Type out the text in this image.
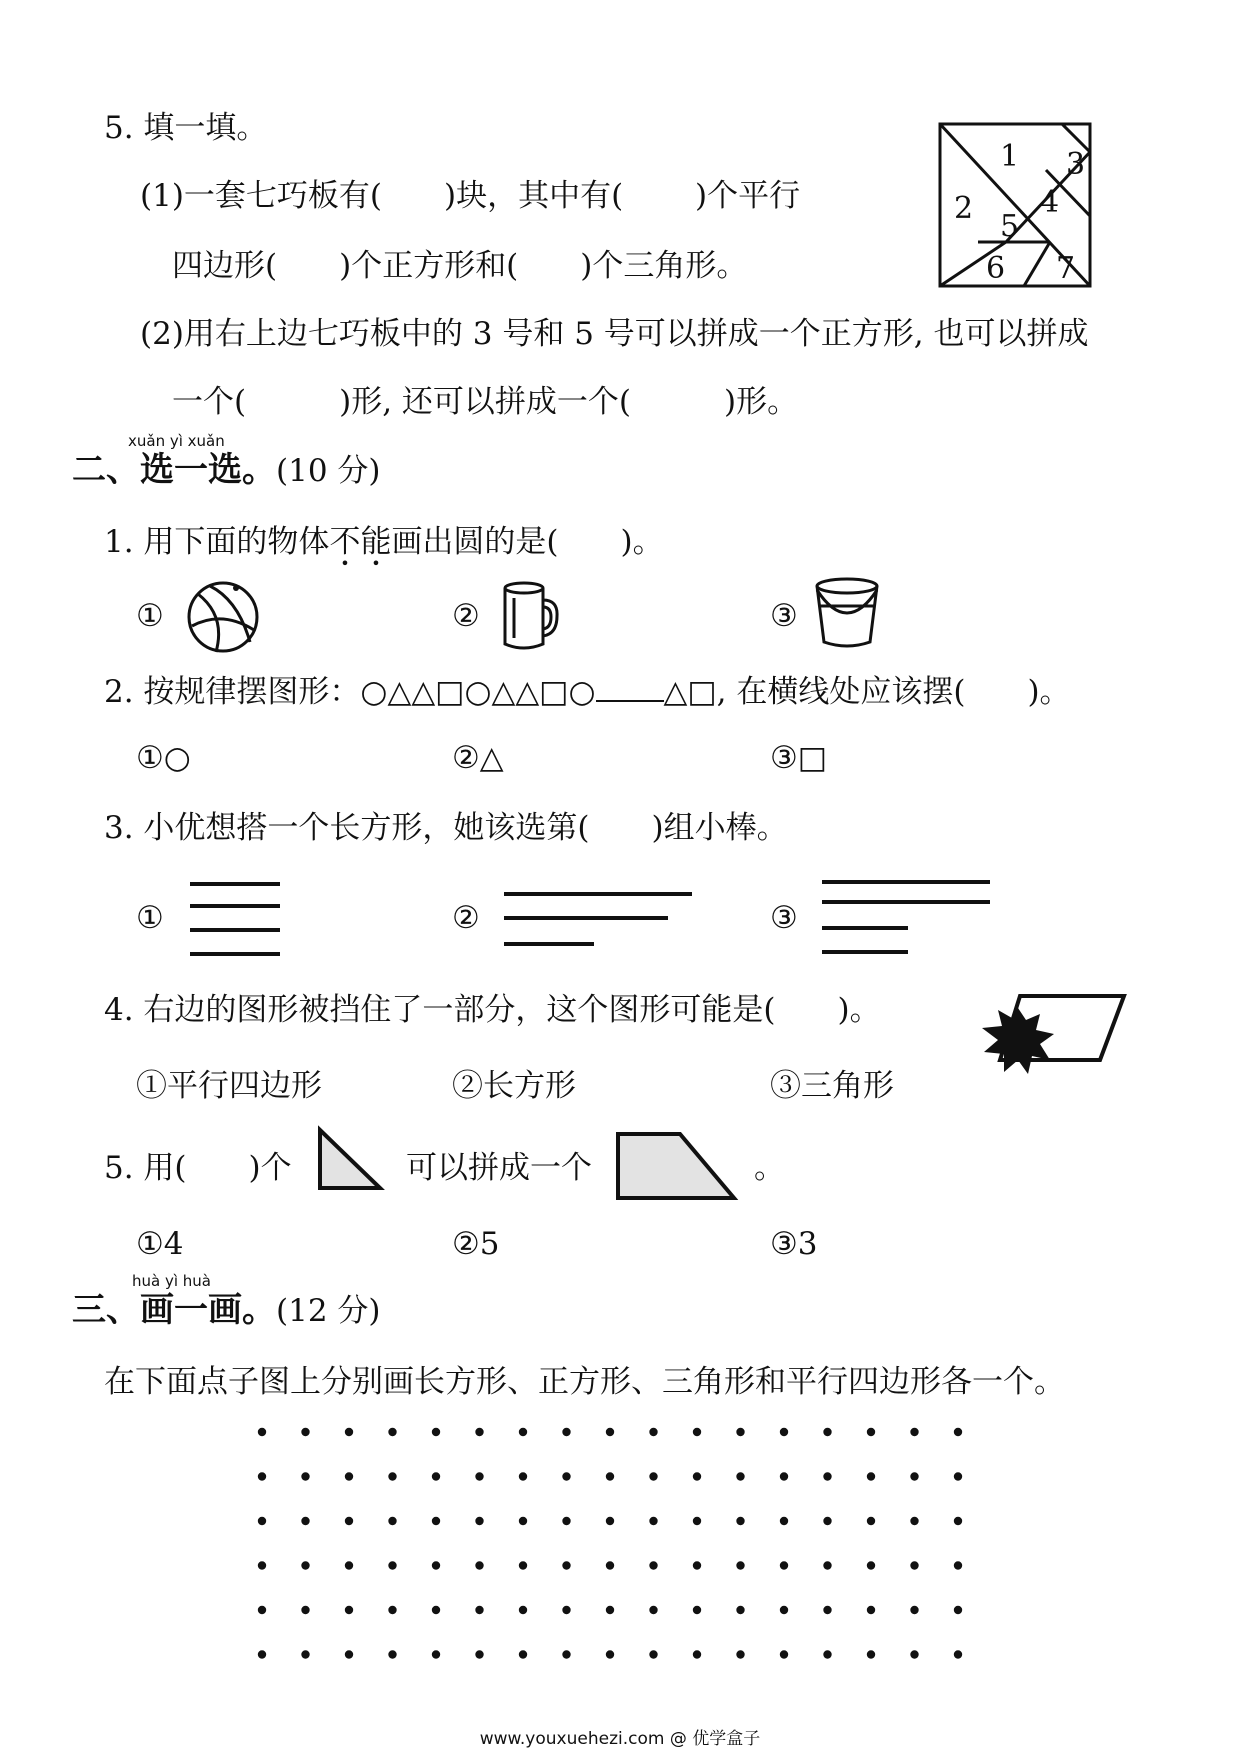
5. 填一填。
(1)一套七巧板有(　　)块，其中有(　　 )个平行
四边形(　　)个正方形和(　　)个三角形。
(2)用右上边七巧板中的 3 号和 5 号可以拼成一个正方形, 也可以拼成
一个(　　　)形, 还可以拼成一个(　　　)形。
1
2
3
4
5
6 7
xuǎn yì xuǎn
二、选一选。(10 分)
1. 用下面的物体不能画出圆的是(　　)。
①	②	③
2. 按规律摆图形：○△△□○△△□○ △□, 在横线处应该摆(　　)。
①○	②△	③□
3. 小优想搭一个长方形，她该选第(　　)组小棒。
①	②	③
4. 右边的图形被挡住了一部分，这个图形可能是(　　)。
①平行四边形	②长方形	③三角形
5. 用(　　)个	可以拼成一个	。
①4	②5	③3
huà yì huà
三、画一画。(12 分)
在下面点子图上分别画长方形、正方形、三角形和平行四边形各一个。
www.youxuehezi.com @ 优学盒子
